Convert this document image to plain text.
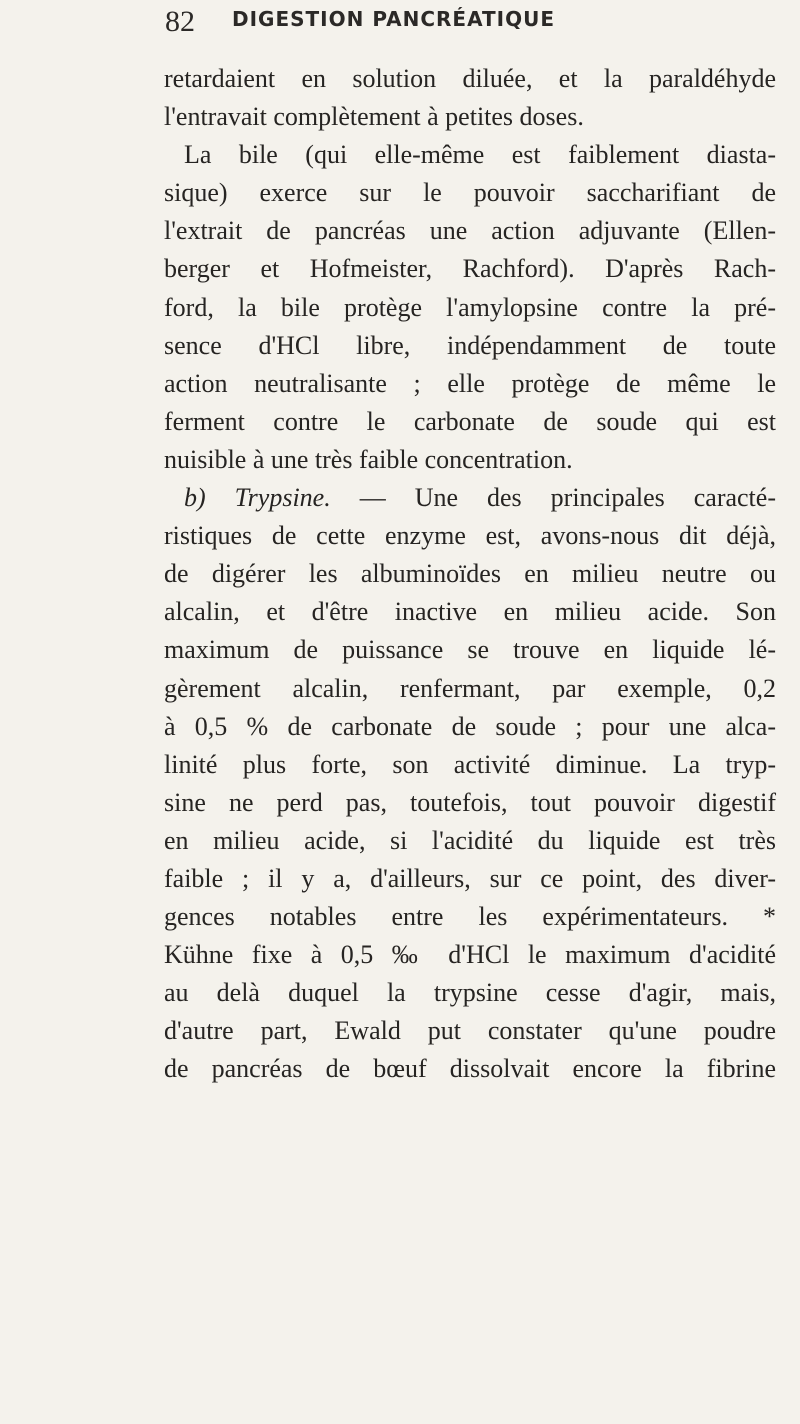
82 DIGESTION PANCRÉATIQUE
retardaient en solution diluée, et la paraldéhyde
l'entravait complètement à petites doses.
La bile (qui elle-même est faiblement diasta-
sique) exerce sur le pouvoir saccharifiant de
l'extrait de pancréas une action adjuvante (Ellen-
berger et Hofmeister, Rachford). D'après Rach-
ford, la bile protège l'amylopsine contre la pré-
sence d'HCl libre, indépendamment de toute
action neutralisante ; elle protège de même le
ferment contre le carbonate de soude qui est
nuisible à une très faible concentration.
b) Trypsine. — Une des principales caracté-
ristiques de cette enzyme est, avons-nous dit déjà,
de digérer les albuminoïdes en milieu neutre ou
alcalin, et d'être inactive en milieu acide. Son
maximum de puissance se trouve en liquide lé-
gèrement alcalin, renfermant, par exemple, 0,2
à 0,5 % de carbonate de soude ; pour une alca-
linité plus forte, son activité diminue. La tryp-
sine ne perd pas, toutefois, tout pouvoir digestif
en milieu acide, si l'acidité du liquide est très
faible ; il y a, d'ailleurs, sur ce point, des diver-
gences notables entre les expérimentateurs. *
Kühne fixe à 0,5 ‰ d'HCl le maximum d'acidité
au delà duquel la trypsine cesse d'agir, mais,
d'autre part, Ewald put constater qu'une poudre
de pancréas de bœuf dissolvait encore la fibrine
